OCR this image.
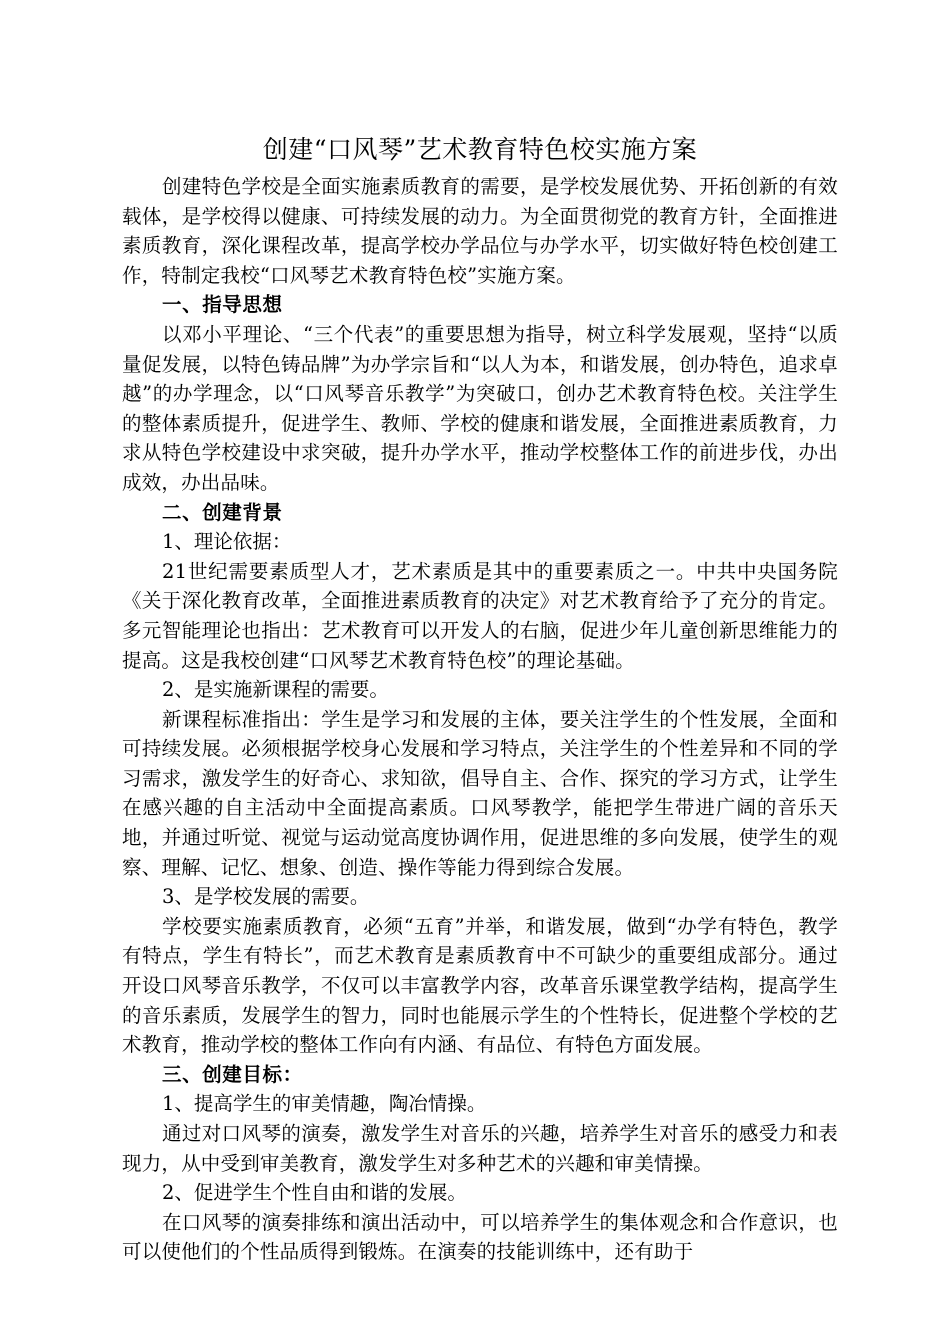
创建“口风琴”艺术教育特色校实施方案

创建特色学校是全面实施素质教育的需要，是学校发展优势、开拓创新的有效载体，是学校得以健康、可持续发展的动力。为全面贯彻党的教育方针，全面推进素质教育，深化课程改革，提高学校办学品位与办学水平，切实做好特色校创建工作，特制定我校“口风琴艺术教育特色校”实施方案。

一、指导思想

以邓小平理论、“三个代表”的重要思想为指导，树立科学发展观，坚持“以质量促发展，以特色铸品牌”为办学宗旨和“以人为本，和谐发展，创办特色，追求卓越”的办学理念，以“口风琴音乐教学”为突破口，创办艺术教育特色校。关注学生的整体素质提升，促进学生、教师、学校的健康和谐发展，全面推进素质教育，力求从特色学校建设中求突破，提升办学水平，推动学校整体工作的前进步伐，办出成效，办出品味。

二、创建背景

1、理论依据：

21世纪需要素质型人才，艺术素质是其中的重要素质之一。中共中央国务院《关于深化教育改革，全面推进素质教育的决定》对艺术教育给予了充分的肯定。多元智能理论也指出：艺术教育可以开发人的右脑，促进少年儿童创新思维能力的提高。这是我校创建“口风琴艺术教育特色校”的理论基础。

2、是实施新课程的需要。

新课程标准指出：学生是学习和发展的主体，要关注学生的个性发展，全面和可持续发展。必须根据学校身心发展和学习特点，关注学生的个性差异和不同的学习需求，激发学生的好奇心、求知欲，倡导自主、合作、探究的学习方式，让学生在感兴趣的自主活动中全面提高素质。口风琴教学，能把学生带进广阔的音乐天地，并通过听觉、视觉与运动觉高度协调作用，促进思维的多向发展，使学生的观察、理解、记忆、想象、创造、操作等能力得到综合发展。

3、是学校发展的需要。

学校要实施素质教育，必须“五育”并举，和谐发展，做到“办学有特色，教学有特点，学生有特长”，而艺术教育是素质教育中不可缺少的重要组成部分。通过开设口风琴音乐教学，不仅可以丰富教学内容，改革音乐课堂教学结构，提高学生的音乐素质，发展学生的智力，同时也能展示学生的个性特长，促进整个学校的艺术教育，推动学校的整体工作向有内涵、有品位、有特色方面发展。

三、创建目标：

1、提高学生的审美情趣，陶冶情操。

通过对口风琴的演奏，激发学生对音乐的兴趣，培养学生对音乐的感受力和表现力，从中受到审美教育，激发学生对多种艺术的兴趣和审美情操。

2、促进学生个性自由和谐的发展。

在口风琴的演奏排练和演出活动中，可以培养学生的集体观念和合作意识，也可以使他们的个性品质得到锻炼。在演奏的技能训练中，还有助于
